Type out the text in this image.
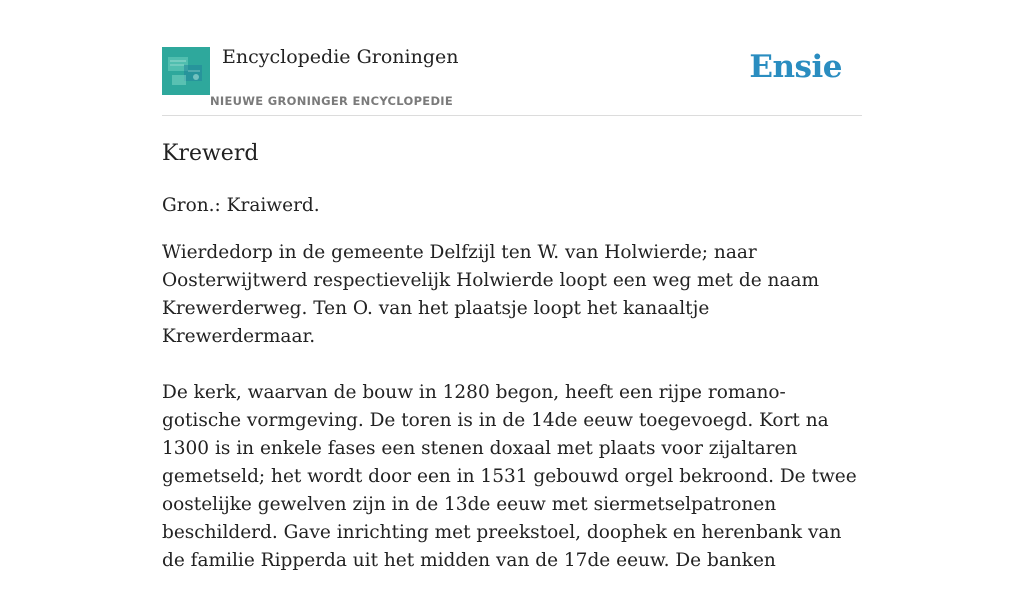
Encyclopedie Groningen
NIEUWE GRONINGER ENCYCLOPEDIE
Ensie
Krewerd

Gron.: Kraiwerd.

Wierdedorp in de gemeente Delfzijl ten W. van Holwierde; naar Oosterwijtwerd respectievelijk Holwierde loopt een weg met de naam Krewerderweg. Ten O. van het plaatsje loopt het kanaaltje Krewerdermaar.

De kerk, waarvan de bouw in 1280 begon, heeft een rijpe romano-gotische vormgeving. De toren is in de 14de eeuw toegevoegd. Kort na 1300 is in enkele fases een stenen doxaal met plaats voor zijaltaren gemetseld; het wordt door een in 1531 gebouwd orgel bekroond. De twee oostelijke gewelven zijn in de 13de eeuw met siermetselpatronen beschilderd. Gave inrichting met preekstoel, doophek en herenbank van de familie Ripperda uit het midden van de 17de eeuw. De banken
